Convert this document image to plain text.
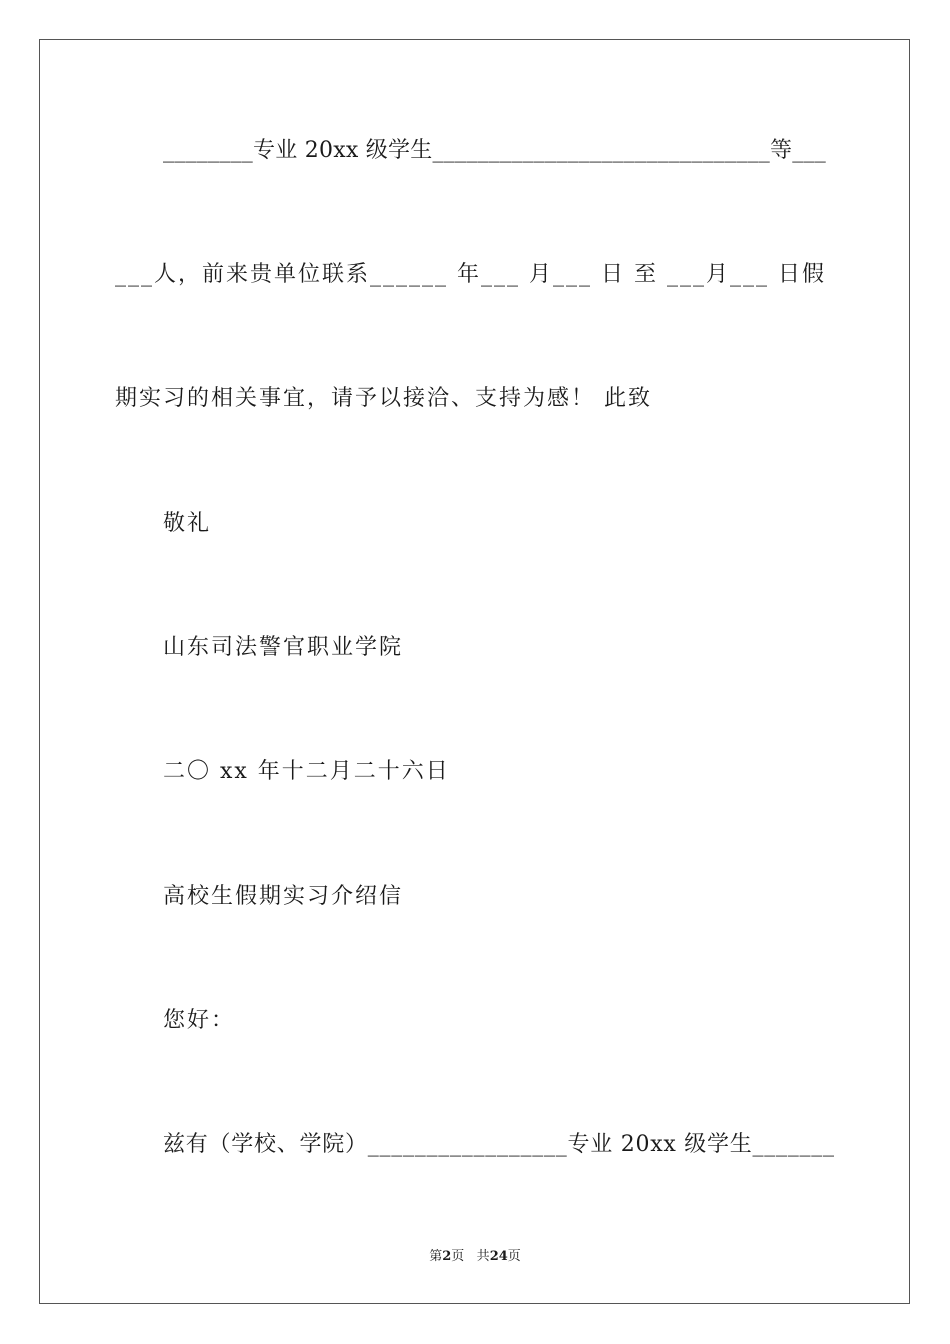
________专业 20xx 级学生______________________________等___
___人，前来贵单位联系______ 年___ 月___ 日 至 ___月___ 日假
期实习的相关事宜，请予以接洽、支持为感！ 此致
敬礼
山东司法警官职业学院
二〇 xx 年十二月二十六日
高校生假期实习介绍信
您好：
兹有（学校、学院）_________________专业 20xx 级学生_______
第2页 共24页
